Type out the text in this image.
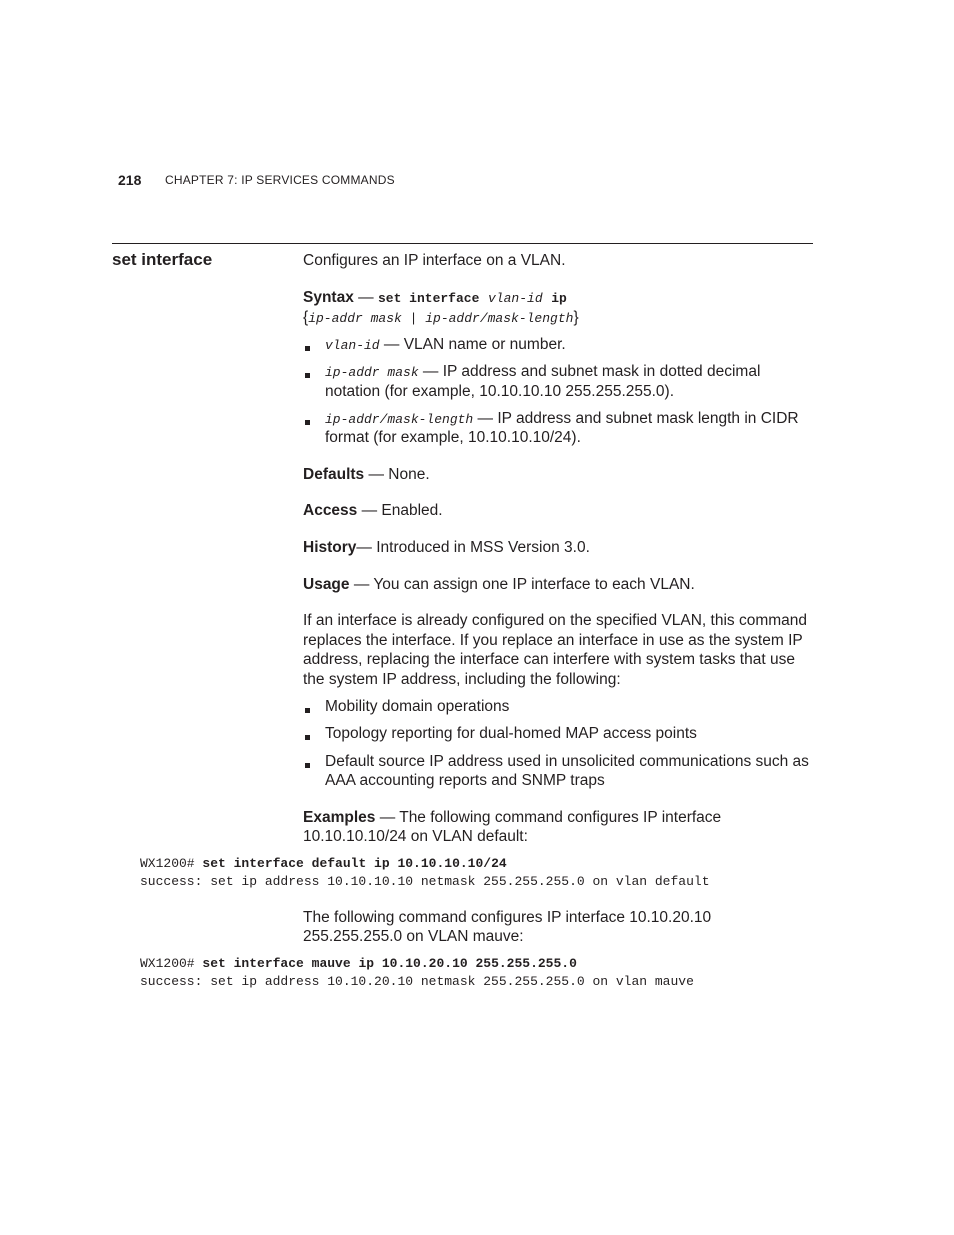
218 CHAPTER 7: IP SERVICES COMMANDS
set interface	Configures an IP interface on a VLAN.
Syntax — set interface vlan-id ip
{ip-addr mask | ip-addr/mask-length}
vlan-id — VLAN name or number.
ip-addr mask — IP address and subnet mask in dotted decimal
notation (for example, 10.10.10.10 255.255.255.0).
ip-addr/mask-length — IP address and subnet mask length in CIDR
format (for example, 10.10.10.10/24).
Defaults — None.
Access — Enabled.
History— Introduced in MSS Version 3.0.
Usage — You can assign one IP interface to each VLAN.
If an interface is already configured on the specified VLAN, this command
replaces the interface. If you replace an interface in use as the system IP
address, replacing the interface can interfere with system tasks that use
the system IP address, including the following:
Mobility domain operations
Topology reporting for dual-homed MAP access points
Default source IP address used in unsolicited communications such as
AAA accounting reports and SNMP traps
Examples — The following command configures IP interface
10.10.10.10/24 on VLAN default:
WX1200# set interface default ip 10.10.10.10/24
success: set ip address 10.10.10.10 netmask 255.255.255.0 on vlan default
The following command configures IP interface 10.10.20.10
255.255.255.0 on VLAN mauve:
WX1200# set interface mauve ip 10.10.20.10 255.255.255.0
success: set ip address 10.10.20.10 netmask 255.255.255.0 on vlan mauve
